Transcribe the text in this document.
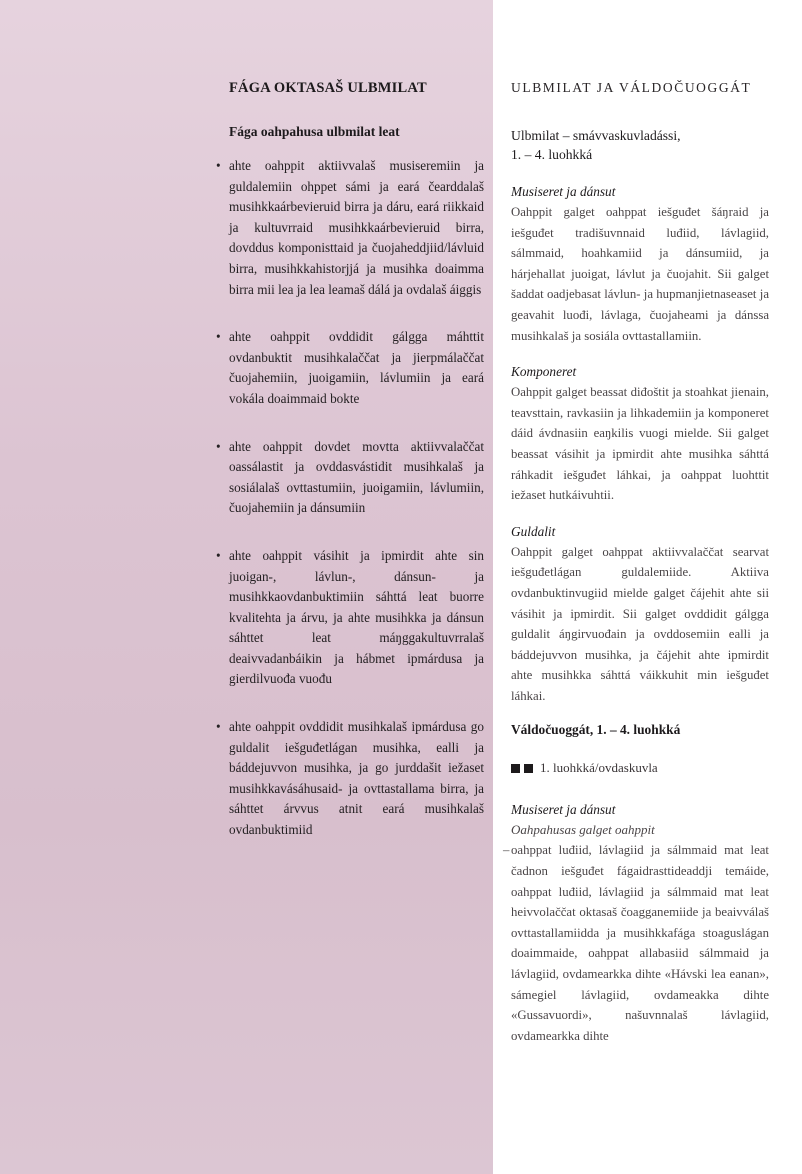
FÁGA OKTASAŠ ULBMILAT
Fága oahpahusa ulbmilat leat
• ahte oahppit aktiivvalaš musiseremiin ja guldalemiin ohppet sámi ja eará čearddalaš musihkkaárbevieruid birra ja dáru, eará riikkaid ja kultuvrraid musihkkaárbevieruid birra, dovddus komponisttaid ja čuojaheddjiid/lávluid birra, musihkkahistorjjá ja musihka doaimma birra mii lea ja lea leamaš dálá ja ovdalaš áiggis
• ahte oahppit ovddidit gálgga máhttit ovdanbuktit musihkalaččat ja jierpmálaččat čuojahemiin, juoigamiin, lávlumiin ja eará vokála doaimmaid bokte
• ahte oahppit dovdet movtta aktiivvalaččat oassálastit ja ovddasvástidit musihkalaš ja sosiálalaš ovttastumiin, juoigamiin, lávlumiin, čuojahemiin ja dánsumiin
• ahte oahppit vásihit ja ipmirdit ahte sin juoigan-, lávlun-, dánsun- ja musihkkaovdanbuktimiin sáhttá leat buorre kvalitehta ja árvu, ja ahte musihkka ja dánsun sáhttet leat máŋggakultuvrralaš deaivvadanbáikin ja hábmet ipmárdusa ja gierdilvuođa vuođu
• ahte oahppit ovddidit musihkalaš ipmárdusa go guldalit iešguđetlágan musihka, ealli ja báddejuvvon musihka, ja go jurddašit iežaset musihkkavásáhusaid- ja ovttastallama birra, ja sáhttet árvvus atnit eará musihkalaš ovdanbuktimiid
ULBMILAT JA VÁLDOČUOGGÁT
Ulbmilat – smávvaskuvladássi,
1. – 4. luohkká
Musiseret ja dánsut
Oahppit galget oahppat iešguđet šáŋraid ja iešguđet tradišuvnnaid luđiid, lávlagiid, sálmmaid, hoahkamiid ja dánsumiid, ja hárjehallat juoigat, lávlut ja čuojahit. Sii galget šaddat oadjebasat lávlun- ja hupmanjietnaseaset ja geavahit luođi, lávlaga, čuojaheami ja dánssa musihkalaš ja sosiála ovttastallamiin.
Komponeret
Oahppit galget beassat diđoštit ja stoahkat jienain, teavsttain, ravkasiin ja lihkademiin ja komponeret dáid ávdnasiin eaŋkilis vuogi mielde. Sii galget beassat vásihit ja ipmirdit ahte musihka sáhttá ráhkadit iešguđet láhkai, ja oahppat luohttit iežaset hutkáivuhtii.
Guldalit
Oahppit galget oahppat aktiivvalaččat searvat iešguđetlágan guldalemiide. Aktiiva ovdanbuktinvugiid mielde galget čájehit ahte sii vásihit ja ipmirdit. Sii galget ovddidit gálgga guldalit áŋgirvuođain ja ovddosemiin ealli ja báddejuvvon musihka, ja čájehit ahte ipmirdit ahte musihkka sáhttá váikkuhit min iešguđet láhkai.
Váldočuoggát, 1. – 4. luohkká
1. luohkká/ovdaskuvla
Musiseret ja dánsut
Oahpahusas galget oahppit
– oahppat luđiid, lávlagiid ja sálmmaid mat leat čadnon iešguđet fágaidrasttideaddji temáide, oahppat luđiid, lávlagiid ja sálmmaid mat leat heivvolaččat oktasaš čoagganemiide ja beaivválaš ovttastallamiidda ja musihkkafága stoaguslágan doaimmaide, oahppat allabasiid sálmmaid ja lávlagiid, ovdamearkka dihte «Hávski lea eanan», sámegiel lávlagiid, ovdameakka dihte «Gussavuordi», našuvnnalaš lávlagiid, ovdamearkka dihte
